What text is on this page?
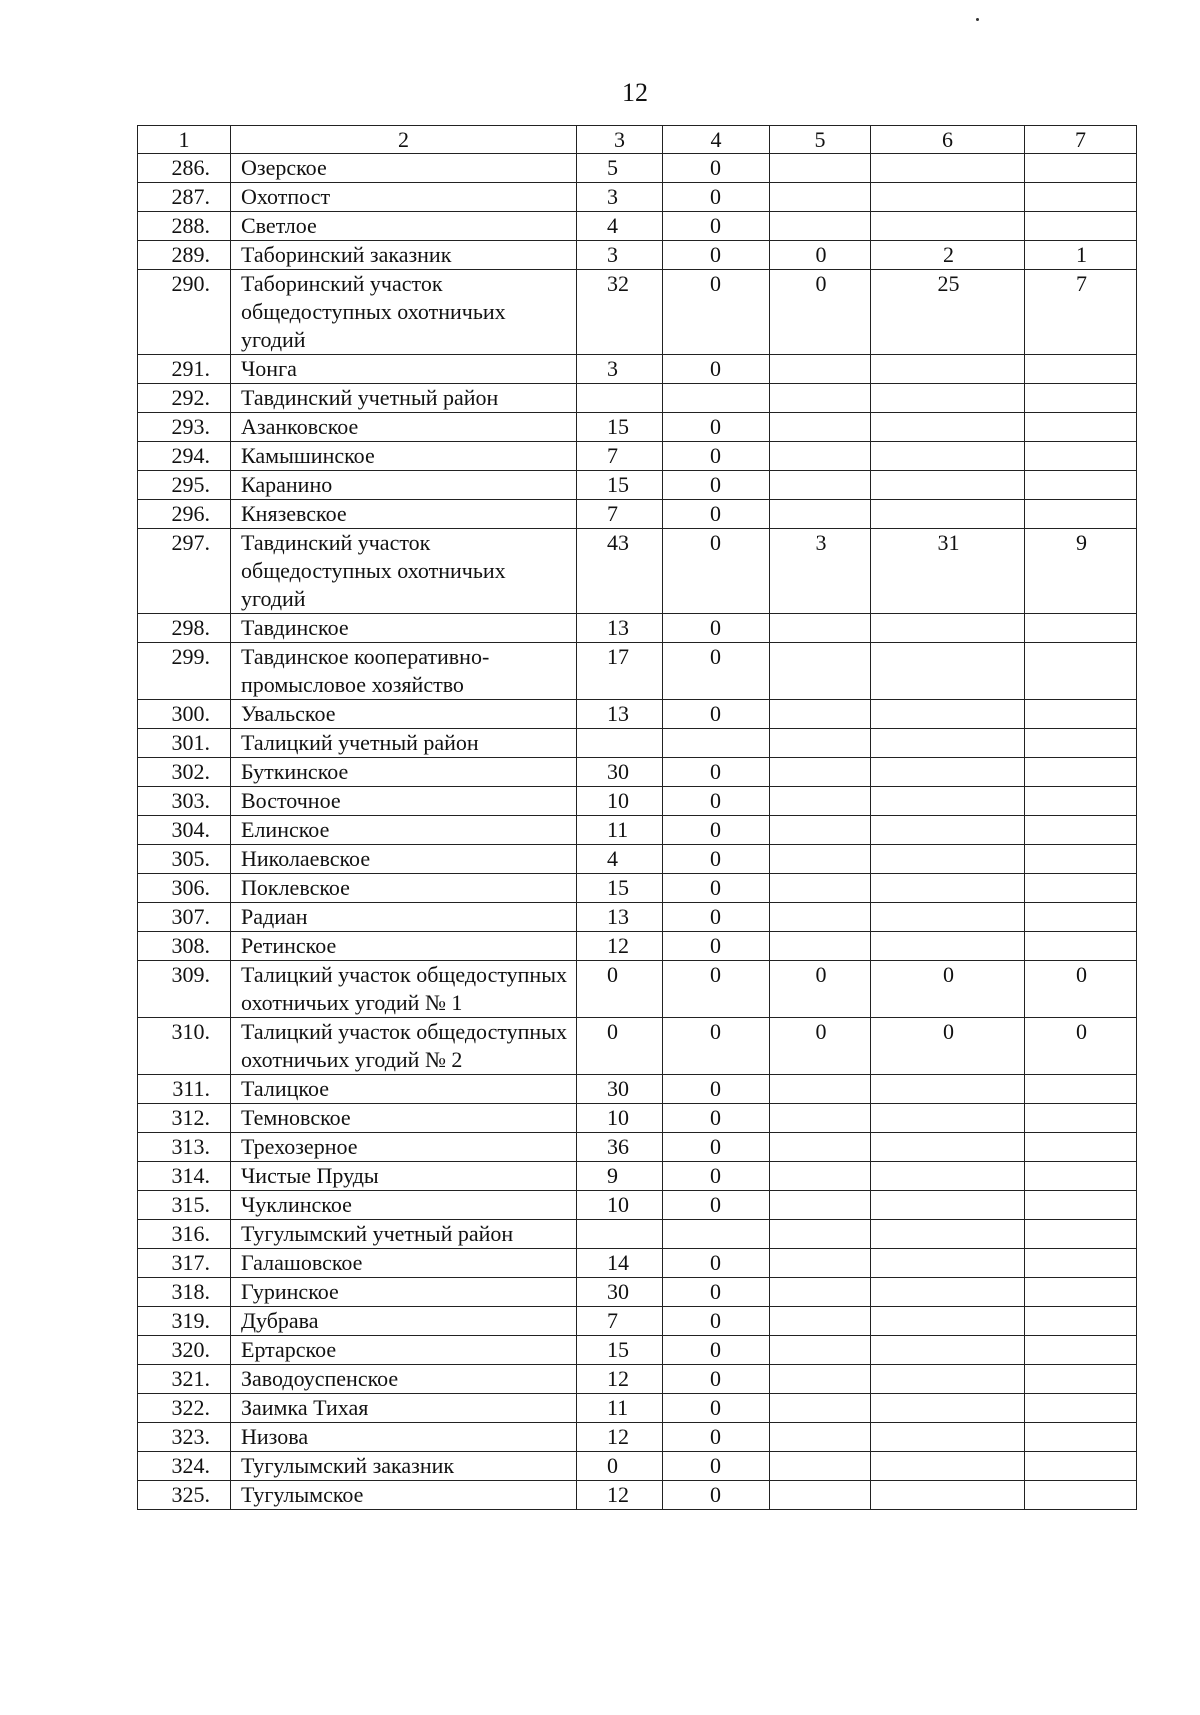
12
1	2	3	4	5	6	7
286.	Озерское	5	0			
287.	Охотпост	3	0			
288.	Светлое	4	0			
289.	Таборинский заказник	3	0	0	2	1
290.	Таборинский участок общедоступных охотничьих угодий	32	0	0	25	7
291.	Чонга	3	0			
292.	Тавдинский учетный район					
293.	Азанковское	15	0			
294.	Камышинское	7	0			
295.	Каранино	15	0			
296.	Князевское	7	0			
297.	Тавдинский участок общедоступных охотничьих угодий	43	0	3	31	9
298.	Тавдинское	13	0			
299.	Тавдинское кооперативно-промысловое хозяйство	17	0			
300.	Увальское	13	0			
301.	Талицкий учетный район					
302.	Буткинское	30	0			
303.	Восточное	10	0			
304.	Елинское	11	0			
305.	Николаевское	4	0			
306.	Поклевское	15	0			
307.	Радиан	13	0			
308.	Ретинское	12	0			
309.	Талицкий участок общедоступных охотничьих угодий № 1	0	0	0	0	0
310.	Талицкий участок общедоступных охотничьих угодий № 2	0	0	0	0	0
311.	Талицкое	30	0			
312.	Темновское	10	0			
313.	Трехозерное	36	0			
314.	Чистые Пруды	9	0			
315.	Чуклинское	10	0			
316.	Тугулымский учетный район					
317.	Галашовское	14	0			
318.	Гуринское	30	0			
319.	Дубрава	7	0			
320.	Ертарское	15	0			
321.	Заводоуспенское	12	0			
322.	Заимка Тихая	11	0			
323.	Низова	12	0			
324.	Тугулымский заказник	0	0			
325.	Тугулымское	12	0			
